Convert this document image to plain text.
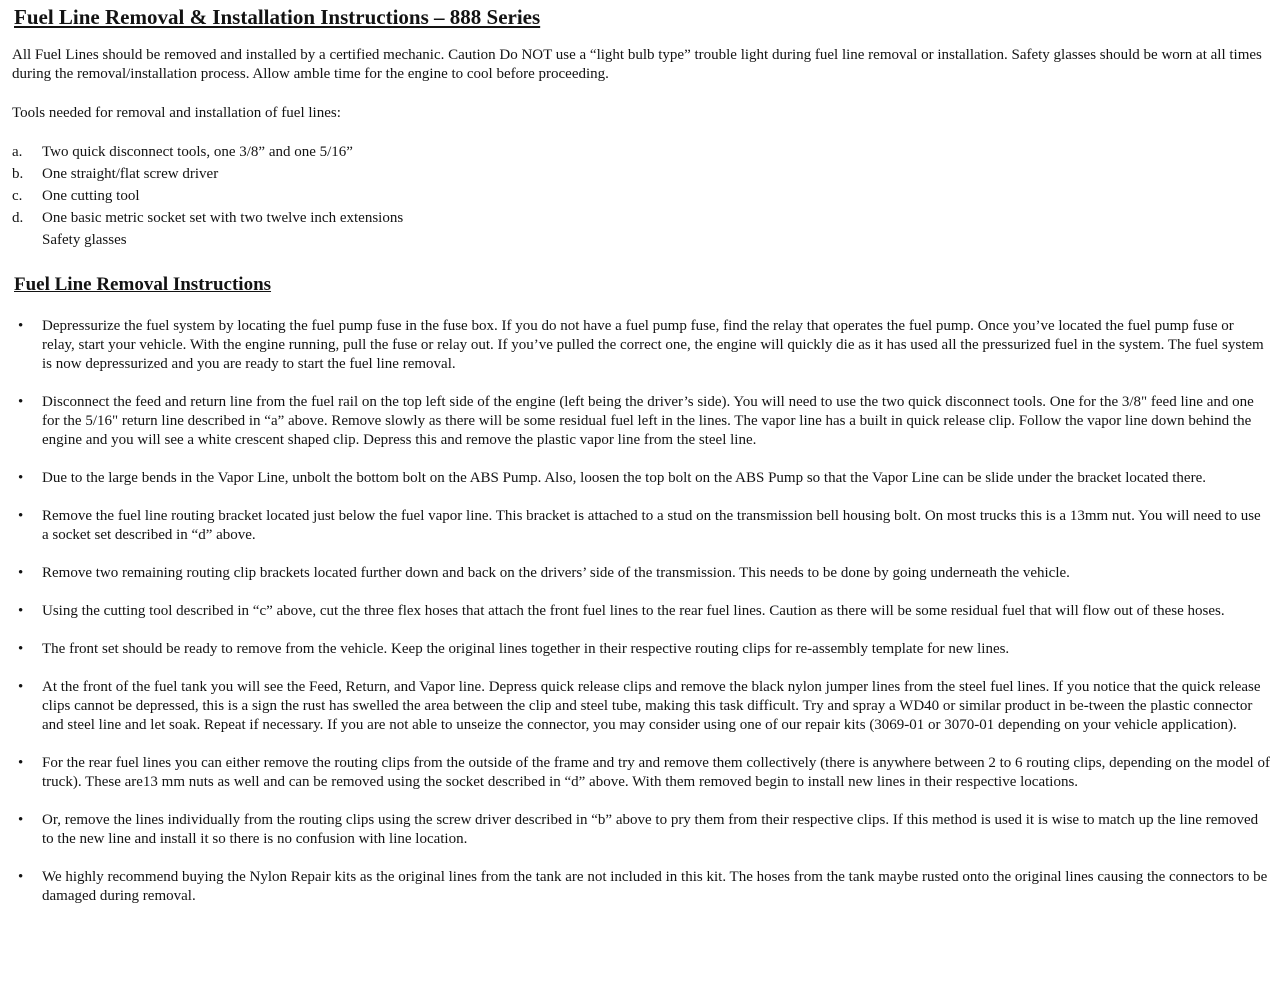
Fuel Line Removal & Installation Instructions – 888 Series

All Fuel Lines should be removed and installed by a certified mechanic. Caution Do NOT use a “light bulb type” trouble light during fuel line removal or installation. Safety glasses should be worn at all times during the removal/installation process. Allow amble time for the engine to cool before proceeding.

Tools needed for removal and installation of fuel lines:

a.	Two quick disconnect tools, one 3/8” and one 5/16”
b.	One straight/flat screw driver
c.	One cutting tool
d.	One basic metric socket set with two twelve inch extensions
Safety glasses
Fuel Line Removal Instructions
• Depressurize the fuel system by locating the fuel pump fuse in the fuse box. If you do not have a fuel pump fuse, find the relay that operates the fuel pump. Once you’ve located the fuel pump fuse or relay, start your vehicle. With the engine running, pull the fuse or relay out. If you’ve pulled the correct one, the engine will quickly die as it has used all the pressurized fuel in the system. The fuel system is now depressurized and you are ready to start the fuel line removal.
• Disconnect the feed and return line from the fuel rail on the top left side of the engine (left being the driver’s side). You will need to use the two quick disconnect tools. One for the 3/8" feed line and one for the 5/16" return line described in “a” above. Remove slowly as there will be some residual fuel left in the lines. The vapor line has a built in quick release clip. Follow the vapor line down behind the engine and you will see a white crescent shaped clip. Depress this and remove the plastic vapor line from the steel line.
• Due to the large bends in the Vapor Line, unbolt the bottom bolt on the ABS Pump. Also, loosen the top bolt on the ABS Pump so that the Vapor Line can be slide under the bracket located there.
• Remove the fuel line routing bracket located just below the fuel vapor line. This bracket is attached to a stud on the transmission bell housing bolt. On most trucks this is a 13mm nut. You will need to use a socket set described in “d” above.
• Remove two remaining routing clip brackets located further down and back on the drivers’ side of the transmission. This needs to be done by going underneath the vehicle.
• Using the cutting tool described in “c” above, cut the three flex hoses that attach the front fuel lines to the rear fuel lines. Caution as there will be some residual fuel that will flow out of these hoses.
• The front set should be ready to remove from the vehicle. Keep the original lines together in their respective routing clips for re-assembly template for new lines.
• At the front of the fuel tank you will see the Feed, Return, and Vapor line. Depress quick release clips and remove the black nylon jumper lines from the steel fuel lines. If you notice that the quick release clips cannot be depressed, this is a sign the rust has swelled the area between the clip and steel tube, making this task difficult. Try and spray a WD40 or similar product in be-tween the plastic connector and steel line and let soak. Repeat if necessary. If you are not able to unseize the connector, you may consider using one of our repair kits (3069-01 or 3070-01 depending on your vehicle application).
• For the rear fuel lines you can either remove the routing clips from the outside of the frame and try and remove them collectively (there is anywhere between 2 to 6 routing clips, depending on the model of truck). These are13 mm nuts as well and can be removed using the socket described in “d” above. With them removed begin to install new lines in their respective locations.
• Or, remove the lines individually from the routing clips using the screw driver described in “b” above to pry them from their respective clips. If this method is used it is wise to match up the line removed to the new line and install it so there is no confusion with line location.
• We highly recommend buying the Nylon Repair kits as the original lines from the tank are not included in this kit. The hoses from the tank maybe rusted onto the original lines causing the connectors to be damaged during removal.
